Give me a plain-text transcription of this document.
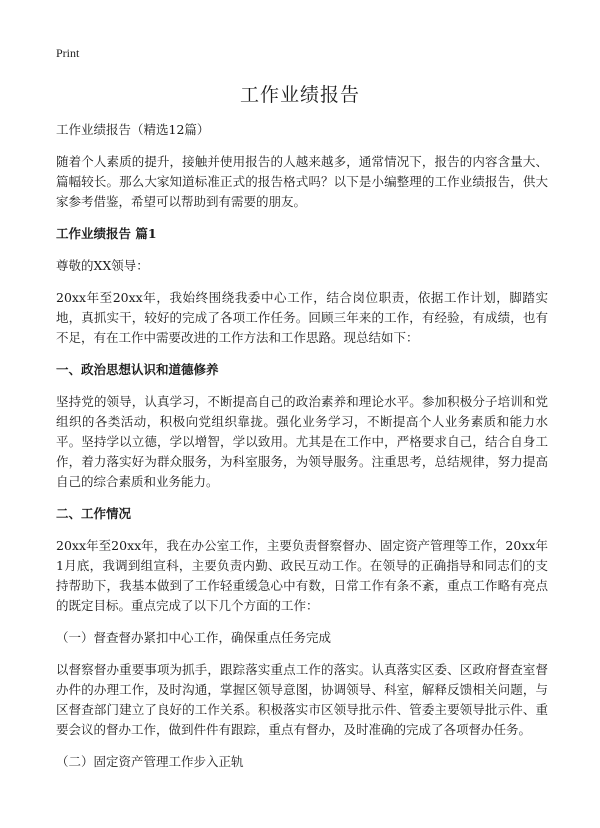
Print
工作业绩报告

工作业绩报告（精选12篇）

随着个人素质的提升，接触并使用报告的人越来越多，通常情况下，报告的内容含量大、篇幅较长。那么大家知道标准正式的报告格式吗？以下是小编整理的工作业绩报告，供大家参考借鉴，希望可以帮助到有需要的朋友。

工作业绩报告 篇1

尊敬的XX领导：

20xx年至20xx年，我始终围绕我委中心工作，结合岗位职责，依据工作计划，脚踏实地，真抓实干，较好的完成了各项工作任务。回顾三年来的工作，有经验，有成绩，也有不足，有在工作中需要改进的工作方法和工作思路。现总结如下：

一、政治思想认识和道德修养

坚持党的领导，认真学习，不断提高自己的政治素养和理论水平。参加积极分子培训和党组织的各类活动，积极向党组织靠拢。强化业务学习，不断提高个人业务素质和能力水平。坚持学以立德，学以增智，学以致用。尤其是在工作中，严格要求自己，结合自身工作，着力落实好为群众服务，为科室服务，为领导服务。注重思考，总结规律，努力提高自己的综合素质和业务能力。

二、工作情况

20xx年至20xx年，我在办公室工作，主要负责督察督办、固定资产管理等工作，20xx年1月底，我调到组宣科，主要负责内勤、政民互动工作。在领导的正确指导和同志们的支持帮助下，我基本做到了工作轻重缓急心中有数，日常工作有条不紊，重点工作略有亮点的既定目标。重点完成了以下几个方面的工作：

（一）督查督办紧扣中心工作，确保重点任务完成

以督察督办重要事项为抓手，跟踪落实重点工作的落实。认真落实区委、区政府督查室督办件的办理工作，及时沟通，掌握区领导意图，协调领导、科室，解释反馈相关问题，与区督查部门建立了良好的工作关系。积极落实市区领导批示件、管委主要领导批示件、重要会议的督办工作，做到件件有跟踪，重点有督办，及时准确的完成了各项督办任务。

（二）固定资产管理工作步入正轨
